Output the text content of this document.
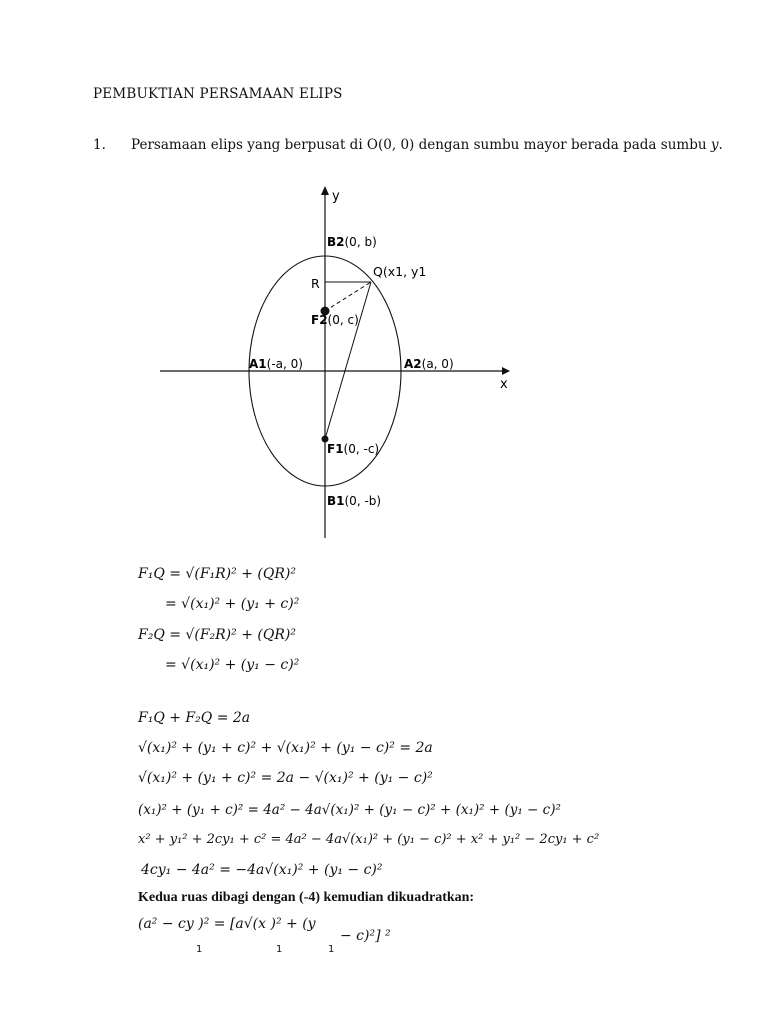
PEMBUKTIAN PERSAMAAN ELIPS
1. Persamaan elips yang berpusat di O(0, 0) dengan sumbu mayor berada pada sumbu y.
y
x
B2(0, b)
Q(x1, y1
R
F2(0, c)
A1(-a, 0)	A2(a, 0)
F1(0, -c)
B1(0, -b)
F₁Q = √(F₁R)² + (QR)²
= √(x₁)² + (y₁ + c)²
F₂Q = √(F₂R)² + (QR)²
= √(x₁)² + (y₁ − c)²
F₁Q + F₂Q = 2a
√(x₁)² + (y₁ + c)² + √(x₁)² + (y₁ − c)² = 2a
√(x₁)² + (y₁ + c)² = 2a − √(x₁)² + (y₁ − c)²
(x₁)² + (y₁ + c)² = 4a² − 4a√(x₁)² + (y₁ − c)² + (x₁)² + (y₁ − c)²
x² + y₁² + 2cy₁ + c² = 4a² − 4a√(x₁)² + (y₁ − c)² + x² + y₁² − 2cy₁ + c²
4cy₁ − 4a² = −4a√(x₁)² + (y₁ − c)²
Kedua ruas dibagi dengan (-4) kemudian dikuadratkan:
(a² − cy )² = [a√(x )² + (y
− c)²] ²
1	1	1
